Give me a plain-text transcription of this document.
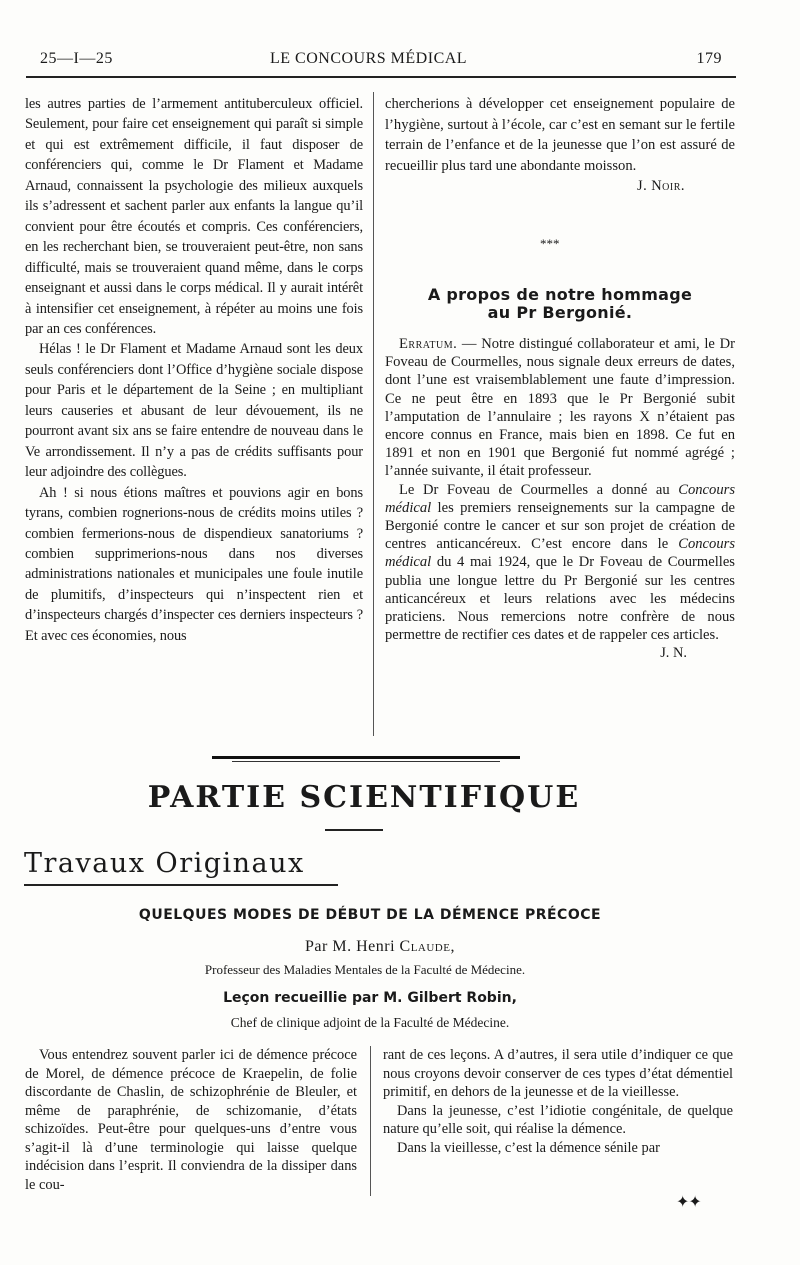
25—I—25	LE CONCOURS MÉDICAL	179

les autres parties de l’armement antituberculeux officiel. Seulement, pour faire cet enseignement qui paraît si simple et qui est extrêmement difficile, il faut disposer de conférenciers qui, comme le Dr Flament et Madame Arnaud, connaissent la psychologie des milieux auxquels ils s’adressent et sachent parler aux enfants la langue qu’il convient pour être écoutés et compris. Ces conférenciers, en les recherchant bien, se trouveraient peut-être, non sans difficulté, mais se trouveraient quand même, dans le corps enseignant et aussi dans le corps médical. Il y aurait intérêt à intensifier cet enseignement, à répéter au moins une fois par an ces conférences.

Hélas ! le Dr Flament et Madame Arnaud sont les deux seuls conférenciers dont l’Office d’hygiène sociale dispose pour Paris et le département de la Seine ; en multipliant leurs causeries et abusant de leur dévouement, ils ne pourront avant six ans se faire entendre de nouveau dans le Ve arrondissement. Il n’y a pas de crédits suffisants pour leur adjoindre des collègues.

Ah ! si nous étions maîtres et pouvions agir en bons tyrans, combien rognerions-nous de crédits moins utiles ? combien fermerions-nous de dispendieux sanatoriums ? combien supprimerions-nous dans nos diverses administrations nationales et municipales une foule inutile de plumitifs, d’inspecteurs qui n’inspectent rien et d’inspecteurs chargés d’inspecter ces derniers inspecteurs ? Et avec ces économies, nous

chercherions à développer cet enseignement populaire de l’hygiène, surtout à l’école, car c’est en semant sur le fertile terrain de l’enfance et de la jeunesse que l’on est assuré de recueillir plus tard une abondante moisson.

J. Noir.

***
A propos de notre hommage
au Pr Bergonié.

Erratum. — Notre distingué collaborateur et ami, le Dr Foveau de Courmelles, nous signale deux erreurs de dates, dont l’une est vraisemblablement une faute d’impression. Ce ne peut être en 1893 que le Pr Bergonié subit l’amputation de l’annulaire ; les rayons X n’étaient pas encore connus en France, mais bien en 1898. Ce fut en 1891 et non en 1901 que Bergonié fut nommé agrégé ; l’année suivante, il était professeur.

Le Dr Foveau de Courmelles a donné au Concours médical les premiers renseignements sur la campagne de Bergonié contre le cancer et sur son projet de création de centres anticancéreux. C’est encore dans le Concours médical du 4 mai 1924, que le Dr Foveau de Courmelles publia une longue lettre du Pr Bergonié sur les centres anticancéreux et leurs relations avec les médecins praticiens. Nous remercions notre confrère de nous permettre de rectifier ces dates et de rappeler ces articles.

J. N.

PARTIE SCIENTIFIQUE
Travaux Originaux
QUELQUES MODES DE DÉBUT DE LA DÉMENCE PRÉCOCE
Par M. Henri Claude,
Professeur des Maladies Mentales de la Faculté de Médecine.
Leçon recueillie par M. Gilbert Robin,
Chef de clinique adjoint de la Faculté de Médecine.

Vous entendrez souvent parler ici de démence précoce de Morel, de démence précoce de Kraepelin, de folie discordante de Chaslin, de schizophrénie de Bleuler, et même de paraphrénie, de schizomanie, d’états schizoïdes. Peut-être pour quelques-uns d’entre vous s’agit-il là d’une terminologie qui laisse quelque indécision dans l’esprit. Il conviendra de la dissiper dans le cou-

rant de ces leçons. A d’autres, il sera utile d’indiquer ce que nous croyons devoir conserver de ces types d’état démentiel primitif, en dehors de la jeunesse et de la vieillesse.

Dans la jeunesse, c’est l’idiotie congénitale, de quelque nature qu’elle soit, qui réalise la démence.

Dans la vieillesse, c’est la démence sénile par

✦✦
